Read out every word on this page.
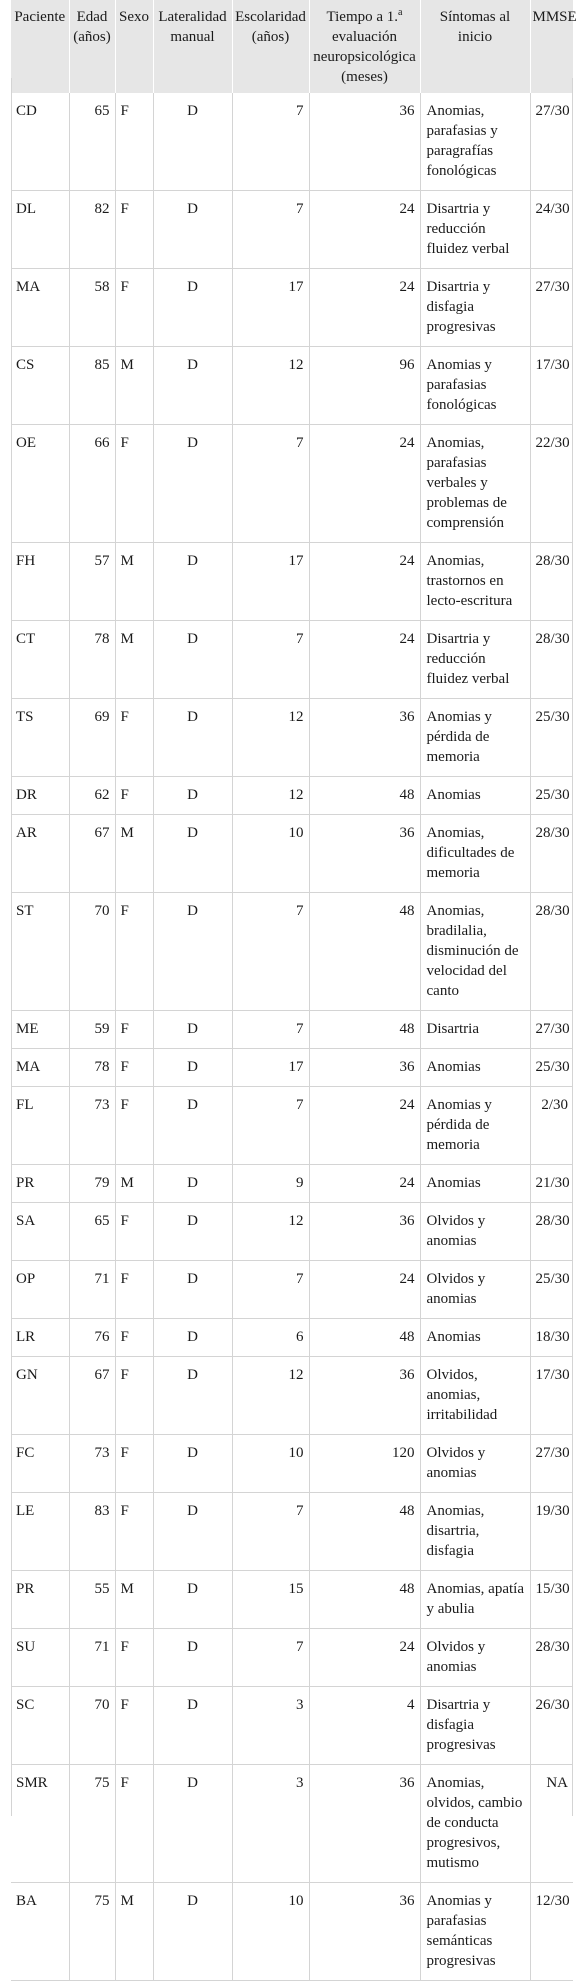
Paciente	Edad (años)	Sexo	Lateralidad manual	Escolaridad (años)	Tiempo a 1.$^a$ evaluación neuropsicológica (meses)	Síntomas al inicio	MMSE
CD	65	F	D	7	36	Anomias, parafasias y paragrafías fonológicas	27/30
DL	82	F	D	7	24	Disartria y reducción fluidez verbal	24/30
MA	58	F	D	17	24	Disartria y disfagia progresivas	27/30
CS	85	M	D	12	96	Anomias y parafasias fonológicas	17/30
OE	66	F	D	7	24	Anomias, parafasias verbales y problemas de comprensión	22/30
FH	57	M	D	17	24	Anomias, trastornos en lecto-escritura	28/30
CT	78	M	D	7	24	Disartria y reducción fluidez verbal	28/30
TS	69	F	D	12	36	Anomias y pérdida de memoria	25/30
DR	62	F	D	12	48	Anomias	25/30
AR	67	M	D	10	36	Anomias, dificultades de memoria	28/30
ST	70	F	D	7	48	Anomias, bradilalia, disminución de velocidad del canto	28/30
ME	59	F	D	7	48	Disartria	27/30
MA	78	F	D	17	36	Anomias	25/30
FL	73	F	D	7	24	Anomias y pérdida de memoria	2/30
PR	79	M	D	9	24	Anomias	21/30
SA	65	F	D	12	36	Olvidos y anomias	28/30
OP	71	F	D	7	24	Olvidos y anomias	25/30
LR	76	F	D	6	48	Anomias	18/30
GN	67	F	D	12	36	Olvidos, anomias, irritabilidad	17/30
FC	73	F	D	10	120	Olvidos y anomias	27/30
LE	83	F	D	7	48	Anomias, disartria, disfagia	19/30
PR	55	M	D	15	48	Anomias, apatía y abulia	15/30
SU	71	F	D	7	24	Olvidos y anomias	28/30
SC	70	F	D	3	4	Disartria y disfagia progresivas	26/30
SMR	75	F	D	3	36	Anomias, olvidos, cambio de conducta progresivos, mutismo	NA
BA	75	M	D	10	36	Anomias y parafasias semánticas progresivas	12/30
